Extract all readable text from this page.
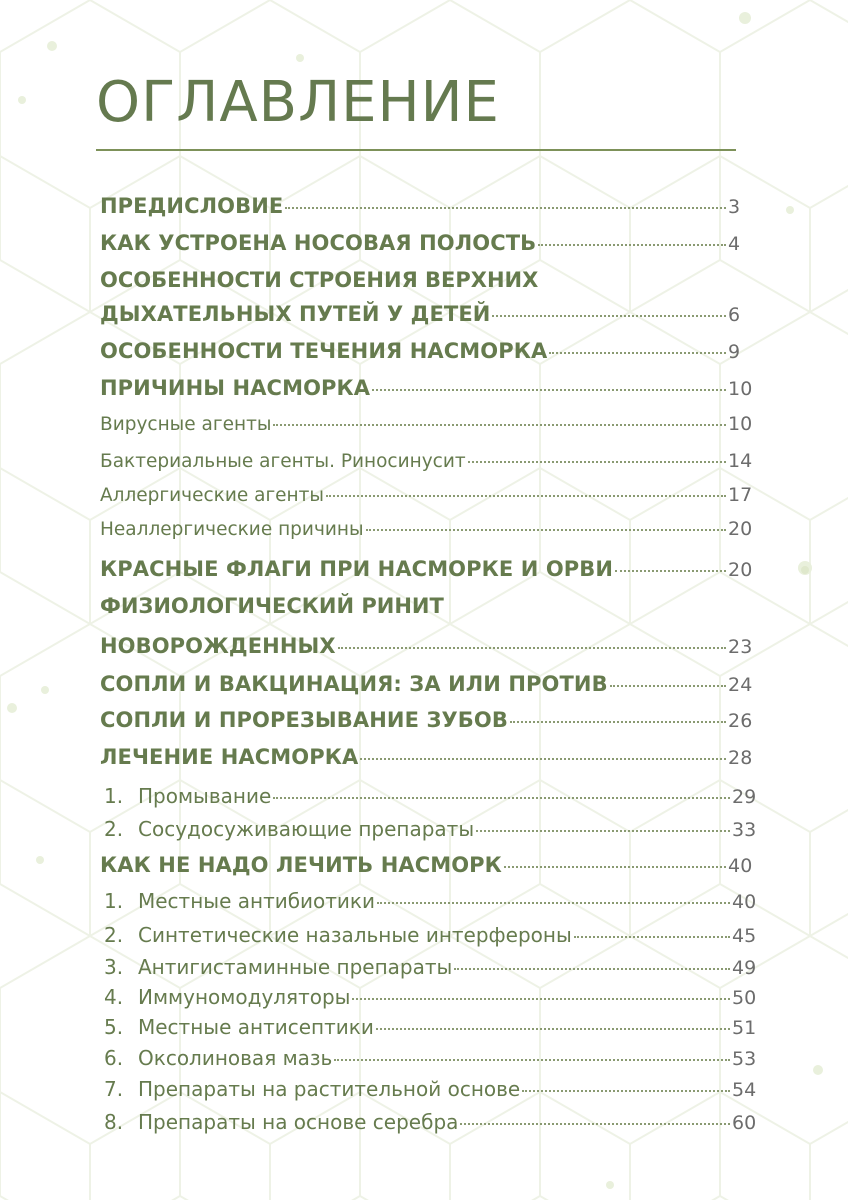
ОГЛАВЛЕНИЕ
ПРЕДИСЛОВИЕ	3
КАК УСТРОЕНА НОСОВАЯ ПОЛОСТЬ	4
ОСОБЕННОСТИ СТРОЕНИЯ ВЕРХНИХ
ДЫХАТЕЛЬНЫХ ПУТЕЙ У ДЕТЕЙ	6
ОСОБЕННОСТИ ТЕЧЕНИЯ НАСМОРКА	9
ПРИЧИНЫ НАСМОРКА	10
Вирусные агенты	10
Бактериальные агенты. Риносинусит	14
Аллергические агенты	17
Неаллергические причины	20
КРАСНЫЕ ФЛАГИ ПРИ НАСМОРКЕ И ОРВИ	20
ФИЗИОЛОГИЧЕСКИЙ РИНИТ
НОВОРОЖДЕННЫХ	23
СОПЛИ И ВАКЦИНАЦИЯ: ЗА ИЛИ ПРОТИВ	24
СОПЛИ И ПРОРЕЗЫВАНИЕ ЗУБОВ	26
ЛЕЧЕНИЕ НАСМОРКА	28
1. Промывание	29
2. Сосудосуживающие препараты	33
КАК НЕ НАДО ЛЕЧИТЬ НАСМОРК	40
1. Местные антибиотики	40
2. Синтетические назальные интерфероны	45
3. Антигистаминные препараты	49
4. Иммуномодуляторы	50
5. Местные антисептики	51
6. Оксолиновая мазь	53
7. Препараты на растительной основе	54
8. Препараты на основе серебра	60
